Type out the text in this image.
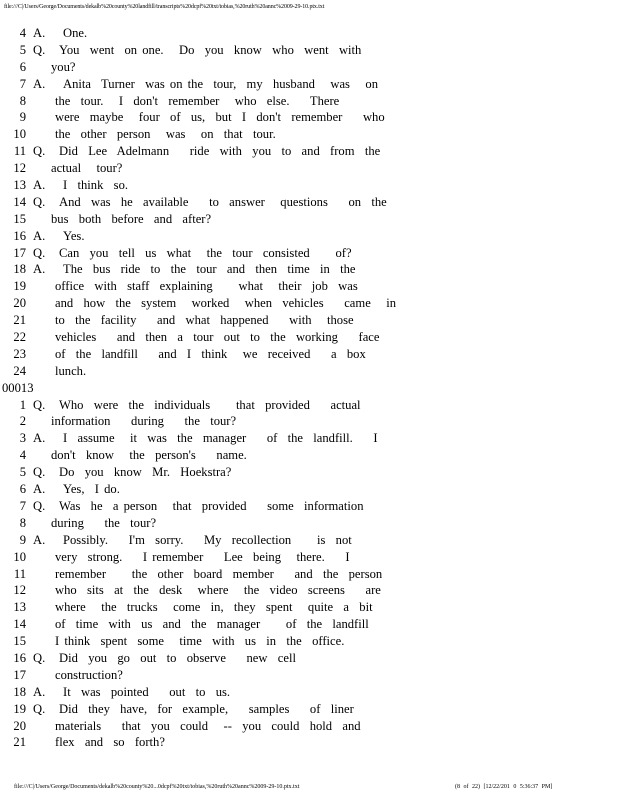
file:///C|/Users/George/Documents/dekalb%20county%20landfill/transcripts%20dcpf%20txt/tobias,%20ruth%20annc%2009-29-10.ptx.txt
4 A. One.
5 Q. You  went  on one.   Do  you  know  who  went  with
6 you?
7 A. Anita  Turner  was on the  tour,  my  husband   was   on
8 the  tour.   I  don't  remember   who  else.    There
9 were  maybe   four  of  us,  but  I  don't  remember    who
10 the  other  person   was   on  that  tour.
11 Q. Did  Lee  Adelmann    ride  with  you  to  and  from  the
12 actual   tour?
13 A. I  think  so.
14 Q. And  was  he  available    to  answer   questions    on  the
15 bus  both  before  and  after?
16 A. Yes.
17 Q. Can  you  tell  us  what   the  tour  consisted     of?
18 A. The  bus  ride  to  the  tour  and  then  time  in  the
19 office  with  staff  explaining     what   their  job  was
20 and  how  the  system   worked   when  vehicles    came   in
21 to  the  facility    and  what  happened    with   those
22 vehicles    and  then  a  tour  out  to  the  working    face
23 of  the  landfill    and  I  think   we  received    a  box
24 lunch.
00013
1 Q. Who  were  the  individuals     that  provided    actual
2 information    during    the  tour?
3 A. I  assume   it  was  the  manager    of  the  landfill.    I
4 don't  know   the  person's    name.
5 Q. Do  you  know  Mr.  Hoekstra?
6 A. Yes,  I do.
7 Q. Was  he  a person   that  provided    some  information
8 during    the  tour?
9 A. Possibly.    I'm  sorry.    My  recollection     is  not
10 very  strong.    I remember    Lee  being   there.    I
11 remember     the  other  board  member    and  the  person
12 who  sits  at  the  desk   where   the  video  screens    are
13 where   the  trucks   come  in,  they  spent   quite  a  bit
14 of  time  with  us  and  the  manager     of  the  landfill
15 I think  spent  some   time  with  us  in  the  office.
16 Q. Did  you  go  out  to  observe    new  cell
17 construction?
18 A. It  was  pointed    out  to  us.
19 Q. Did  they  have,  for  example,    samples    of  liner
20 materials    that  you  could   --  you  could  hold  and
21 flex  and  so  forth?
file:///C|/Users/George/Documents/dekalb%20county%20...0dcpf%20txt/tobias,%20ruth%20annc%2009-29-10.ptx.txt	(8 of 22) [12/22/201 0 5:36:37 PM]
